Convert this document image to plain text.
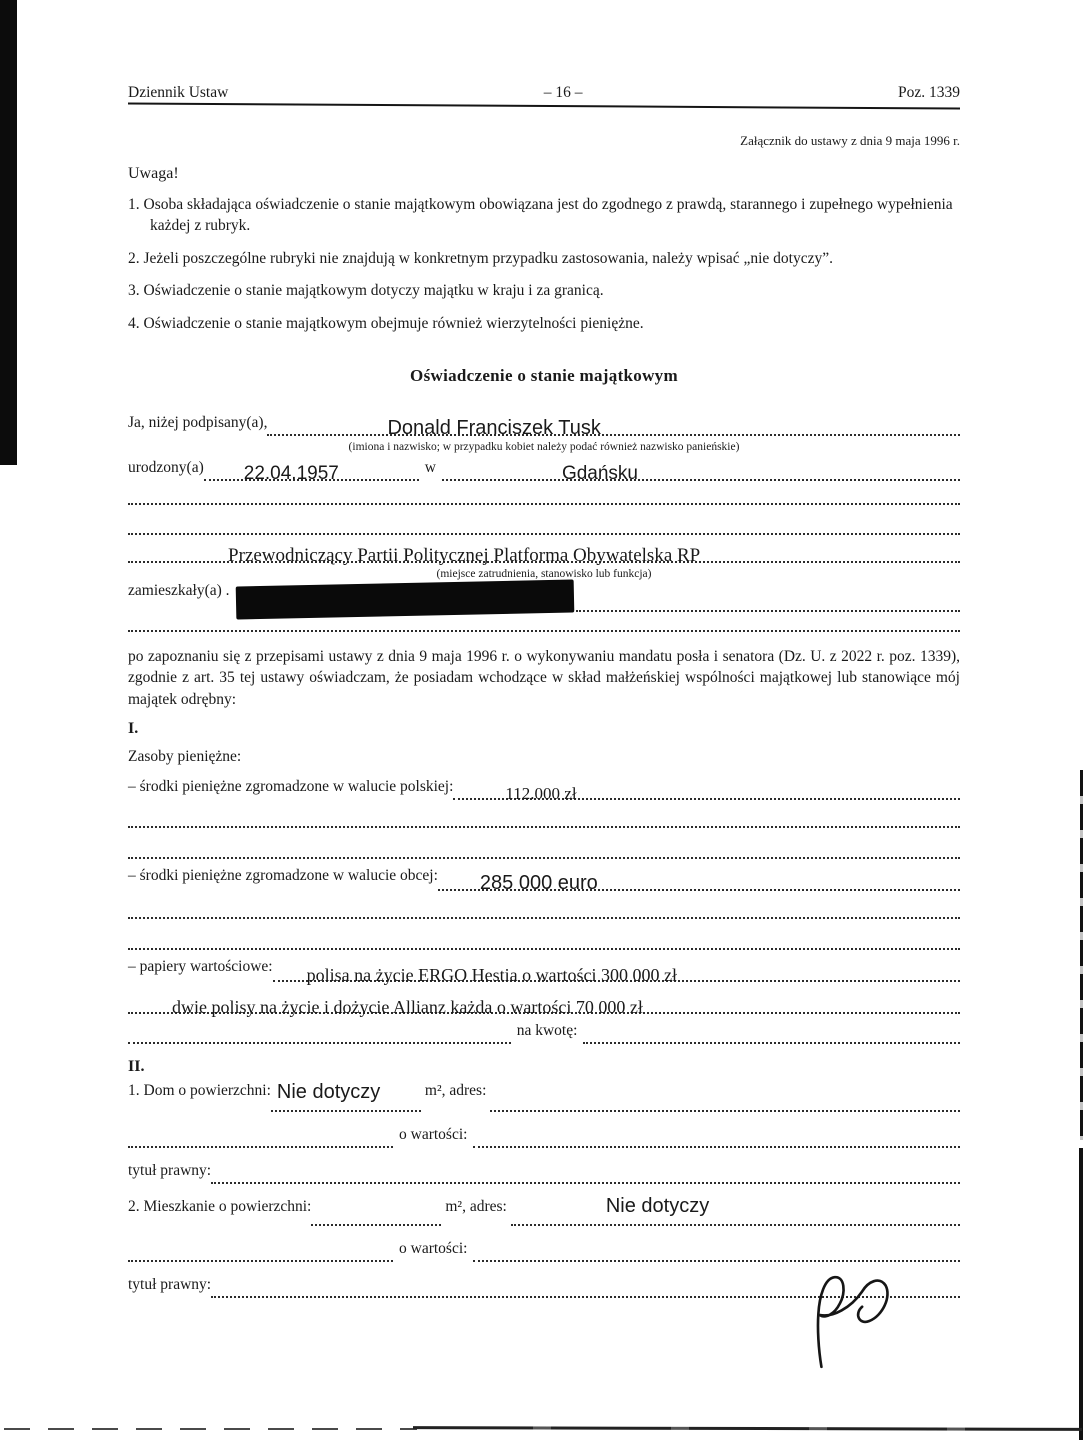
Dziennik Ustaw	– 16 –	Poz. 1339
Załącznik do ustawy z dnia 9 maja 1996 r.
Uwaga!
1. Osoba składająca oświadczenie o stanie majątkowym obowiązana jest do zgodnego z prawdą, starannego i zupełnego wypełnienia każdej z rubryk.
2. Jeżeli poszczególne rubryki nie znajdują w konkretnym przypadku zastosowania, należy wpisać „nie dotyczy”.
3. Oświadczenie o stanie majątkowym dotyczy majątku w kraju i za granicą.
4. Oświadczenie o stanie majątkowym obejmuje również wierzytelności pieniężne.
Oświadczenie o stanie majątkowym
Ja, niżej podpisany(a),	Donald Franciszek Tusk
(imiona i nazwisko; w przypadku kobiet należy podać również nazwisko panieńskie)
urodzony(a) 22.04.1957	w	Gdańsku
Przewodniczący Partii Politycznej Platforma Obywatelska RP
(miejsce zatrudnienia, stanowisko lub funkcja)
zamieszkały(a) .
po zapoznaniu się z przepisami ustawy z dnia 9 maja 1996 r. o wykonywaniu mandatu posła i senatora (Dz. U. z 2022 r. poz. 1339), zgodnie z art. 35 tej ustawy oświadczam, że posiadam wchodzące w skład małżeńskiej wspólności majątkowej lub stanowiące mój majątek odrębny:
I.
Zasoby pieniężne:
– środki pieniężne zgromadzone w walucie polskiej:	112.000 zł
– środki pieniężne zgromadzone w walucie obcej: 285 000 euro
– papiery wartościowe: polisa na życie ERGO Hestia o wartości 300 000 zł
dwie polisy na życie i dożycie Allianz każda o wartości 70 000 zł
na kwotę:
II.
1. Dom o powierzchni: Nie dotyczy	m², adres:
o wartości:
tytuł prawny:
2. Mieszkanie o powierzchni:	m², adres:	Nie dotyczy
o wartości:
tytuł prawny:
